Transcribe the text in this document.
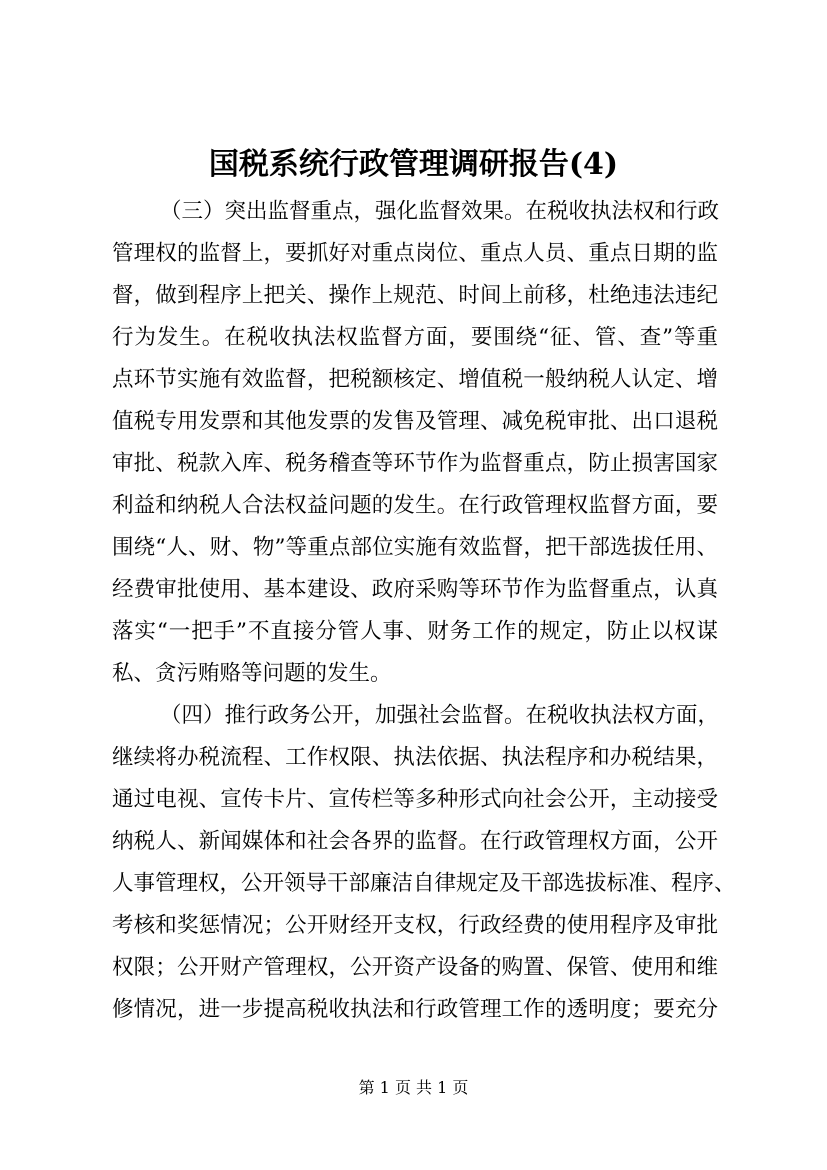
国税系统行政管理调研报告(4)
（三）突出监督重点，强化监督效果。在税收执法权和行政
管理权的监督上，要抓好对重点岗位、重点人员、重点日期的监
督，做到程序上把关、操作上规范、时间上前移，杜绝违法违纪
行为发生。在税收执法权监督方面，要围绕“征、管、查”等重
点环节实施有效监督，把税额核定、增值税一般纳税人认定、增
值税专用发票和其他发票的发售及管理、减免税审批、出口退税
审批、税款入库、税务稽查等环节作为监督重点，防止损害国家
利益和纳税人合法权益问题的发生。在行政管理权监督方面，要
围绕“人、财、物”等重点部位实施有效监督，把干部选拔任用、
经费审批使用、基本建设、政府采购等环节作为监督重点，认真
落实“一把手”不直接分管人事、财务工作的规定，防止以权谋
私、贪污贿赂等问题的发生。
（四）推行政务公开，加强社会监督。在税收执法权方面，
继续将办税流程、工作权限、执法依据、执法程序和办税结果，
通过电视、宣传卡片、宣传栏等多种形式向社会公开，主动接受
纳税人、新闻媒体和社会各界的监督。在行政管理权方面，公开
人事管理权，公开领导干部廉洁自律规定及干部选拔标准、程序、
考核和奖惩情况；公开财经开支权，行政经费的使用程序及审批
权限；公开财产管理权，公开资产设备的购置、保管、使用和维
修情况，进一步提高税收执法和行政管理工作的透明度；要充分
第 1 页 共 1 页
